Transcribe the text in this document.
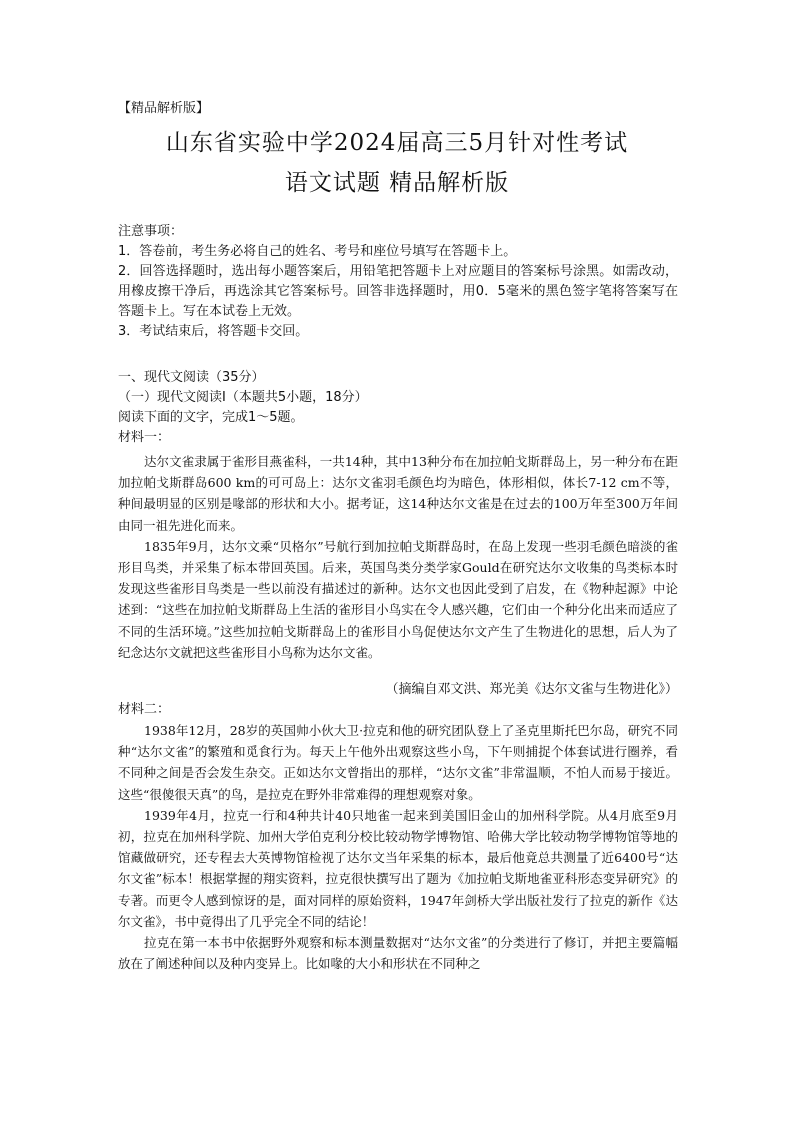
【精品解析版】
山东省实验中学2024届高三5月针对性考试
语文试题 精品解析版

注意事项：

1．答卷前，考生务必将自己的姓名、考号和座位号填写在答题卡上。

2．回答选择题时，选出每小题答案后，用铅笔把答题卡上对应题目的答案标号涂黑。如需改动，用橡皮擦干净后，再选涂其它答案标号。回答非选择题时，用0．5毫米的黑色签字笔将答案写在答题卡上。写在本试卷上无效。

3．考试结束后，将答题卡交回。

一、现代文阅读（35分）

（一）现代文阅读Ⅰ（本题共5小题，18分）

阅读下面的文字，完成1～5题。

材料一：

达尔文雀隶属于雀形目燕雀科，一共14种，其中13种分布在加拉帕戈斯群岛上，另一种分布在距加拉帕戈斯群岛600 km的可可岛上：达尔文雀羽毛颜色均为暗色，体形相似，体长7-12 cm不等，种间最明显的区别是喙部的形状和大小。据考证，这14种达尔文雀是在过去的100万年至300万年间由同一祖先进化而来。

1835年9月，达尔文乘“贝格尔”号航行到加拉帕戈斯群岛时，在岛上发现一些羽毛颜色暗淡的雀形目鸟类，并采集了标本带回英国。后来，英国鸟类分类学家Gould在研究达尔文收集的鸟类标本时发现这些雀形目鸟类是一些以前没有描述过的新种。达尔文也因此受到了启发，在《物种起源》中论述到：“这些在加拉帕戈斯群岛上生活的雀形目小鸟实在令人感兴趣，它们由一个种分化出来而适应了不同的生活环境。”这些加拉帕戈斯群岛上的雀形目小鸟促使达尔文产生了生物进化的思想，后人为了纪念达尔文就把这些雀形目小鸟称为达尔文雀。

（摘编自邓文洪、郑光美《达尔文雀与生物进化》）

材料二：

1938年12月，28岁的英国帅小伙大卫·拉克和他的研究团队登上了圣克里斯托巴尔岛，研究不同种“达尔文雀”的繁殖和觅食行为。每天上午他外出观察这些小鸟，下午则捕捉个体套试进行圈养，看不同种之间是否会发生杂交。正如达尔文曾指出的那样，“达尔文雀”非常温顺，不怕人而易于接近。这些“很傻很天真”的鸟，是拉克在野外非常难得的理想观察对象。

1939年4月，拉克一行和4种共计40只地雀一起来到美国旧金山的加州科学院。从4月底至9月初，拉克在加州科学院、加州大学伯克利分校比较动物学博物馆、哈佛大学比较动物学博物馆等地的馆藏做研究，还专程去大英博物馆检视了达尔文当年采集的标本，最后他竟总共测量了近6400号“达尔文雀”标本！根据掌握的翔实资料，拉克很快撰写出了题为《加拉帕戈斯地雀亚科形态变异研究》的专著。而更令人感到惊讶的是，面对同样的原始资料，1947年剑桥大学出版社发行了拉克的新作《达尔文雀》，书中竟得出了几乎完全不同的结论！

拉克在第一本书中依据野外观察和标本测量数据对“达尔文雀”的分类进行了修订，并把主要篇幅放在了阐述种间以及种内变异上。比如喙的大小和形状在不同种之
